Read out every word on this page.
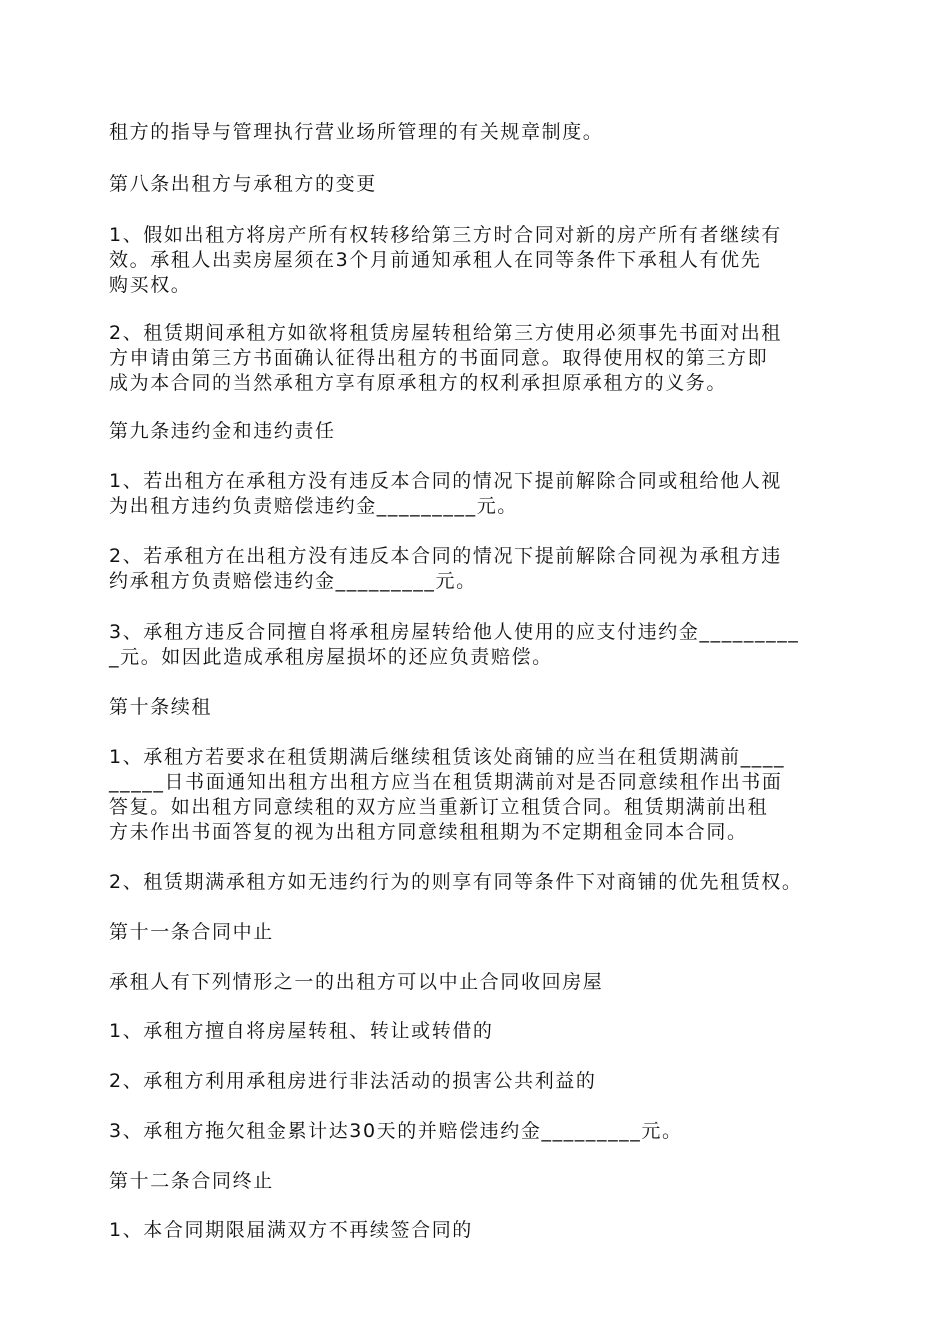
租方的指导与管理执行营业场所管理的有关规章制度。

第八条出租方与承租方的变更

1、假如出租方将房产所有权转移给第三方时合同对新的房产所有者继续有
效。承租人出卖房屋须在3个月前通知承租人在同等条件下承租人有优先
购买权。

2、租赁期间承租方如欲将租赁房屋转租给第三方使用必须事先书面对出租
方申请由第三方书面确认征得出租方的书面同意。取得使用权的第三方即
成为本合同的当然承租方享有原承租方的权利承担原承租方的义务。

第九条违约金和违约责任

1、若出租方在承租方没有违反本合同的情况下提前解除合同或租给他人视
为出租方违约负责赔偿违约金_________元。

2、若承租方在出租方没有违反本合同的情况下提前解除合同视为承租方违
约承租方负责赔偿违约金_________元。

3、承租方违反合同擅自将承租房屋转给他人使用的应支付违约金_________
_元。如因此造成承租房屋损坏的还应负责赔偿。

第十条续租

1、承租方若要求在租赁期满后继续租赁该处商铺的应当在租赁期满前____
_____日书面通知出租方出租方应当在租赁期满前对是否同意续租作出书面
答复。如出租方同意续租的双方应当重新订立租赁合同。租赁期满前出租
方未作出书面答复的视为出租方同意续租租期为不定期租金同本合同。

2、租赁期满承租方如无违约行为的则享有同等条件下对商铺的优先租赁权。

第十一条合同中止

承租人有下列情形之一的出租方可以中止合同收回房屋

1、承租方擅自将房屋转租、转让或转借的

2、承租方利用承租房进行非法活动的损害公共利益的

3、承租方拖欠租金累计达30天的并赔偿违约金_________元。

第十二条合同终止

1、本合同期限届满双方不再续签合同的
